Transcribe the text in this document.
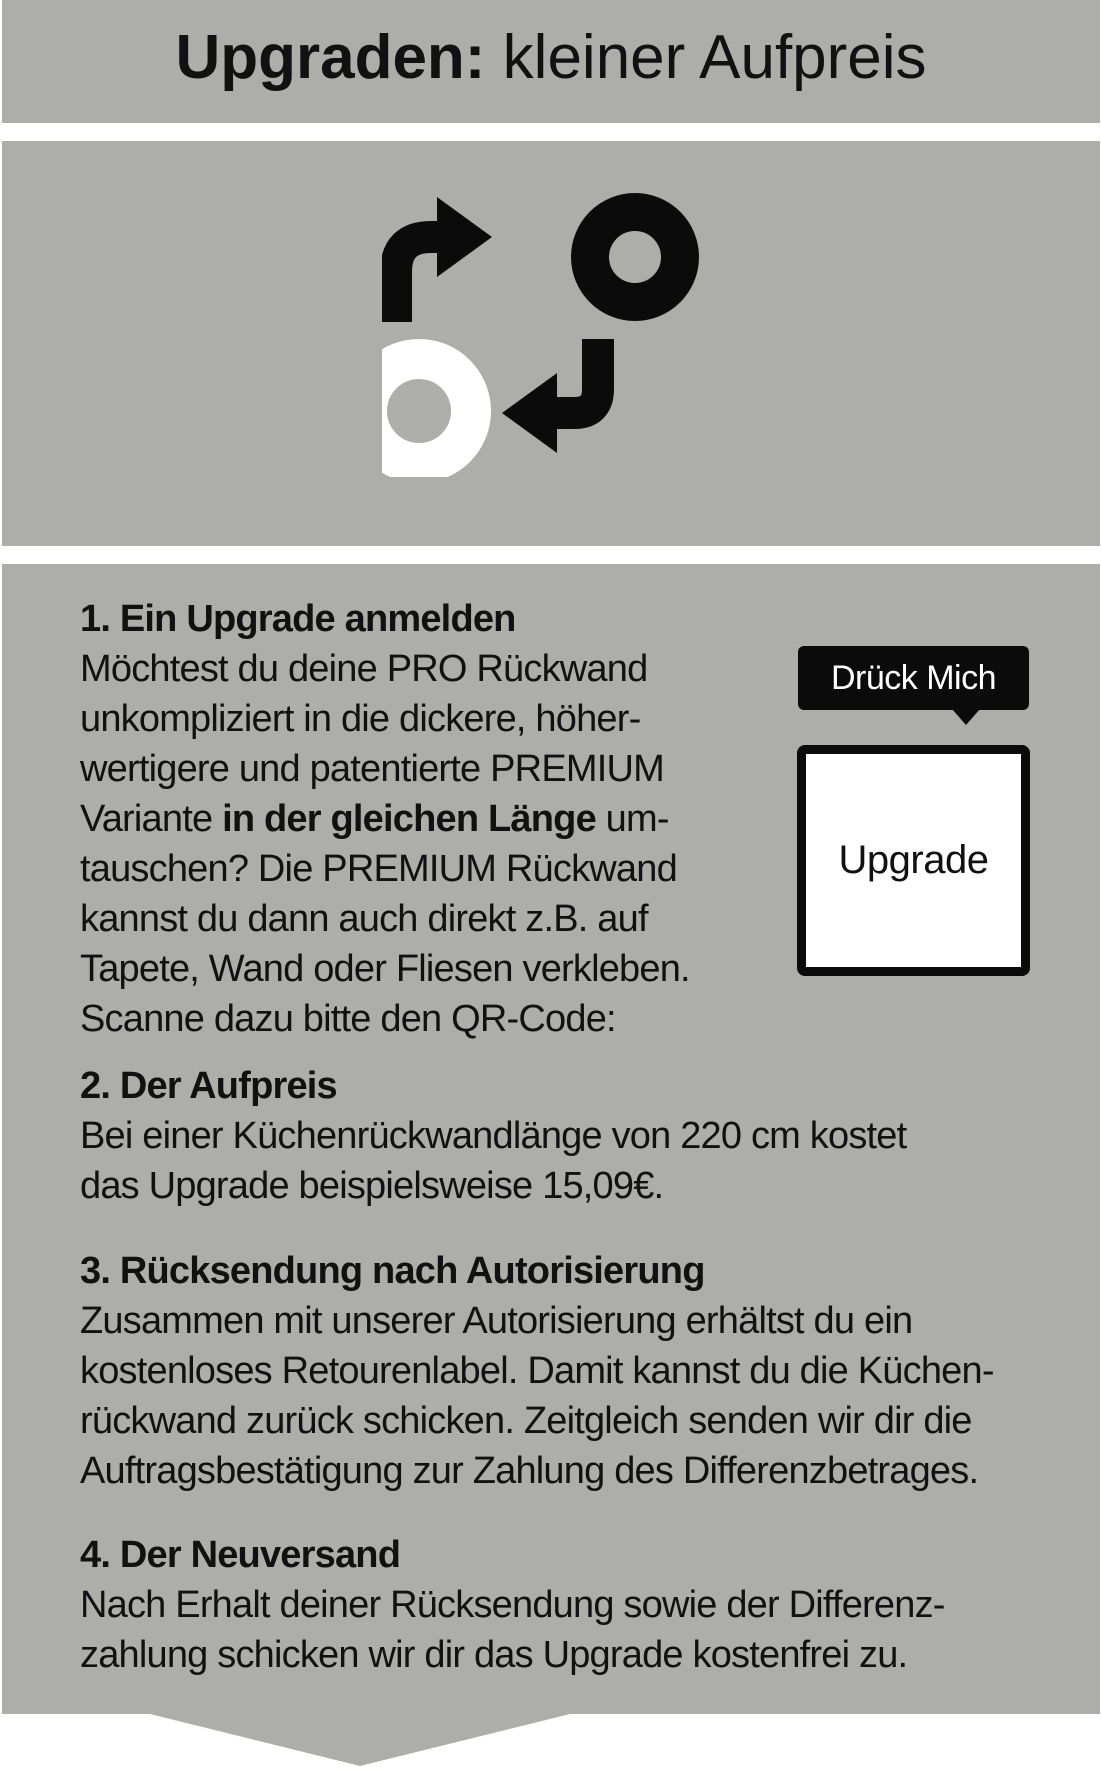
Upgraden: kleiner Aufpreis
1. Ein Upgrade anmelden
Möchtest du deine PRO Rückwand
unkompliziert in die dickere, höher-
wertigere und patentierte PREMIUM
Variante in der gleichen Länge um-
tauschen? Die PREMIUM Rückwand
kannst du dann auch direkt z.B. auf
Tapete, Wand oder Fliesen verkleben.
Scanne dazu bitte den QR-Code:
Drück Mich
Upgrade
2. Der Aufpreis
Bei einer Küchenrückwandlänge von 220 cm kostet
das Upgrade beispielsweise 15,09€.
3. Rücksendung nach Autorisierung
Zusammen mit unserer Autorisierung erhältst du ein
kostenloses Retourenlabel. Damit kannst du die Küchen-
rückwand zurück schicken. Zeitgleich senden wir dir die
Auftragsbestätigung zur Zahlung des Differenzbetrages.
4. Der Neuversand
Nach Erhalt deiner Rücksendung sowie der Differenz-
zahlung schicken wir dir das Upgrade kostenfrei zu.
